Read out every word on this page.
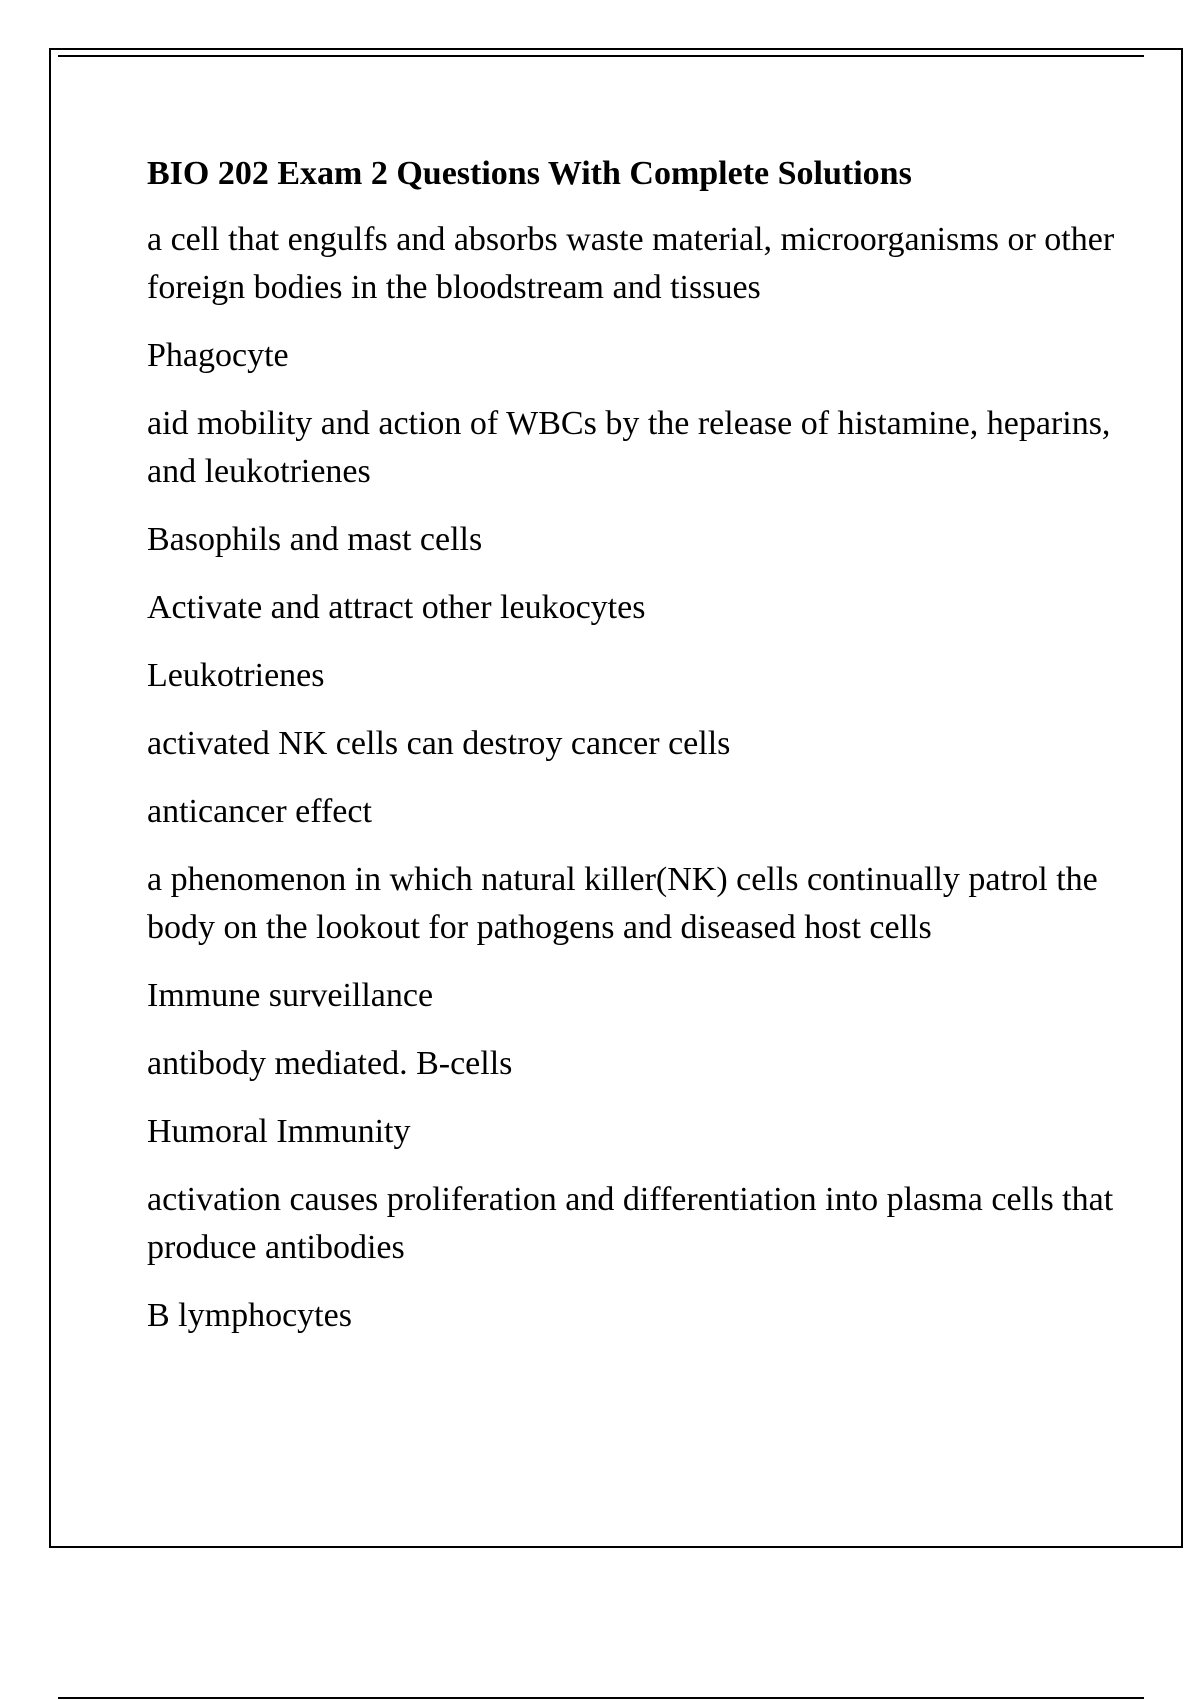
BIO 202 Exam 2 Questions With Complete Solutions

a cell that engulfs and absorbs waste material, microorganisms or other foreign bodies in the bloodstream and tissues

Phagocyte

aid mobility and action of WBCs by the release of histamine, heparins, and leukotrienes

Basophils and mast cells

Activate and attract other leukocytes

Leukotrienes

activated NK cells can destroy cancer cells

anticancer effect

a phenomenon in which natural killer(NK) cells continually patrol the body on the lookout for pathogens and diseased host cells

Immune surveillance

antibody mediated. B-cells

Humoral Immunity

activation causes proliferation and differentiation into plasma cells that produce antibodies

B lymphocytes
